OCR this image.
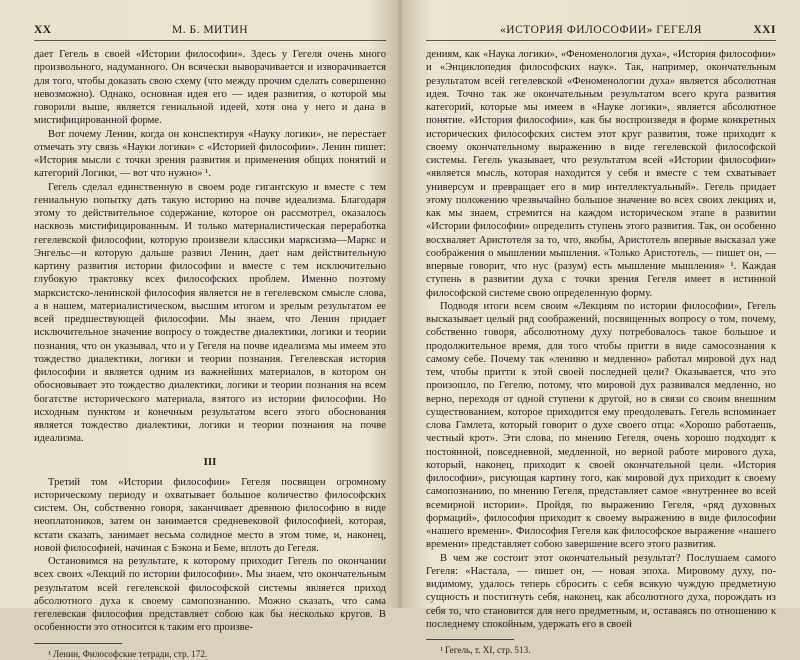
XX	М. Б. МИТИН

дает Гегель в своей «Истории философии». Здесь у Гегеля очень много произвольного, надуманного. Он всячески выворачивается и изворачивается для того, чтобы доказать свою схему (что между прочим сделать совершенно невозможно). Однако, основная идея его — идея развития, о которой мы говорили выше, является гениальной идеей, хотя она у него и дана в мистифицированной форме.

Вот почему Ленин, когда он конспектируя «Науку логики», не перестает отмечать эту связь «Науки логики» с «Историей философии». Ленин пишет: «История мысли с точки зрения развития и применения общих понятий и категорий Логики, — вот что нужно» ¹.

Гегель сделал единственную в своем роде гигантскую и вместе с тем гениальную попытку дать такую историю на почве идеализма. Благодаря этому то действительное содержание, которое он рассмотрел, оказалось насквозь мистифицированным. И только материалистическая переработка гегелевской философии, которую произвели классики марксизма—Маркс и Энгельс—и которую дальше развил Ленин, дает нам действительную картину развития истории философии и вместе с тем исключительно глубокую трактовку всех философских проблем. Именно поэтому марксистско-ленинской философия является не в гегелевском смысле слова, а в нашем, материалистическом, высшим итогом и зрелым результатом ее всей предшествующей философии. Мы знаем, что Ленин придает исключительное значение вопросу о тождестве диалектики, логики и теории познания, что он указывал, что и у Гегеля на почве идеализма мы имеем это тождество диалектики, логики и теории познания. Гегелевская история философии и является одним из важнейших материалов, в котором он обосновывает это тождество диалектики, логики и теории познания на всем богатстве исторического материала, взятого из истории философии. Но исходным пунктом и конечным результатом всего этого обоснования является тождество диалектики, логики и теории познания на почве идеализма.

III

Третий том «Истории философии» Гегеля посвящен огромному историческому периоду и охватывает большое количество философских систем. Он, собственно говоря, заканчивает древнюю философию в виде неоплатоников, затем он занимается средневековой философией, которая, кстати сказать, занимает весьма солидное место в этом томе, и, наконец, новой философией, начиная с Бэкона и Беме, вплоть до Гегеля.

Остановимся на результате, к которому приходит Гегель по окончании всех своих «Лекций по истории философии». Мы знаем, что окончательным результатом всей гегелевской философской системы является приход абсолютного духа к своему самопознанию. Можно сказать, что сама гегелевская философия представляет собою как бы несколько кругов. В особенности это относится к таким его произве-

¹ Ленин, Философские тетради, стр. 172.
«ИСТОРИЯ ФИЛОСОФИИ» ГЕГЕЛЯ	XXI

дениям, как «Наука логики», «Феноменология духа», «История философии» и «Энциклопедия философских наук». Так, например, окончательным результатом всей гегелевской «Феноменологии духа» является абсолютная идея. Точно так же окончательным результатом всего круга развития категорий, которые мы имеем в «Науке логики», является абсолютное понятие. «История философии», как бы воспроизведя в форме конкретных исторических философских систем этот круг развития, тоже приходит к своему окончательному выражению в виде гегелевской философской системы. Гегель указывает, что результатом всей «Истории философии» «является мысль, которая находится у себя и вместе с тем схватывает универсум и превращает его в мир интеллектуальный». Гегель придает этому положению чрезвычайно большое значение во всех своих лекциях и, как мы знаем, стремится на каждом историческом этапе в развитии «Истории философии» определить ступень этого развития. Так, он особенно восхваляет Аристотеля за то, что, якобы, Аристотель впервые высказал уже соображения о мышлении мышления. «Только Аристотель, — пишет он, — впервые говорит, что нус (разум) есть мышление мышления» ¹. Каждая ступень в развитии духа с точки зрения Гегеля имеет в истинной философской системе свою определенную форму.

Подводя итоги всем своим «Лекциям по истории философии», Гегель высказывает целый ряд соображений, посвященных вопросу о том, почему, собственно говоря, абсолютному духу потребовалось такое большое и продолжительное время, для того чтобы притти в виде самосознания к самому себе. Почему так «ленивю и медленно» работал мировой дух над тем, чтобы притти к этой своей последней цели? Оказывается, что это произошло, по Гегелю, потому, что мировой дух развивался медленно, но верно, переходя от одной ступени к другой, но в связи со своим внешним существованием, которое приходится ему преодолевать. Гегель вспоминает слова Гамлета, который говорит о духе своего отца: «Хорошо работаешь, честный крот». Эти слова, по мнению Гегеля, очень хорошо подходят к постоянной, повседневной, медленной, но верной работе мирового духа, который, наконец, приходит к своей окончательной цели. «История философии», рисующая картину того, как мировой дух приходит к своему самопознанию, по мнению Гегеля, представляет самое «внутреннее во всей всемирной истории». Пройдя, по выражению Гегеля, «ряд духовных формаций», философия приходит к своему выражению в виде философии «нашего времени». Философия Гегеля как философское выражение «нашего времени» представляет собою завершение всего этого развития.

В чем же состоит этот окончательный результат? Послушаем самого Гегеля: «Настала, — пишет он, — новая эпоха. Мировому духу, по-видимому, удалось теперь сбросить с себя всякую чуждую предметную сущность и постигнуть себя, наконец, как абсолютного духа, порождать из себя то, что становится для него предметным, и, оставаясь по отношению к последнему спокойным, удержать его в своей

¹ Гегель, т. XI, стр. 513.
